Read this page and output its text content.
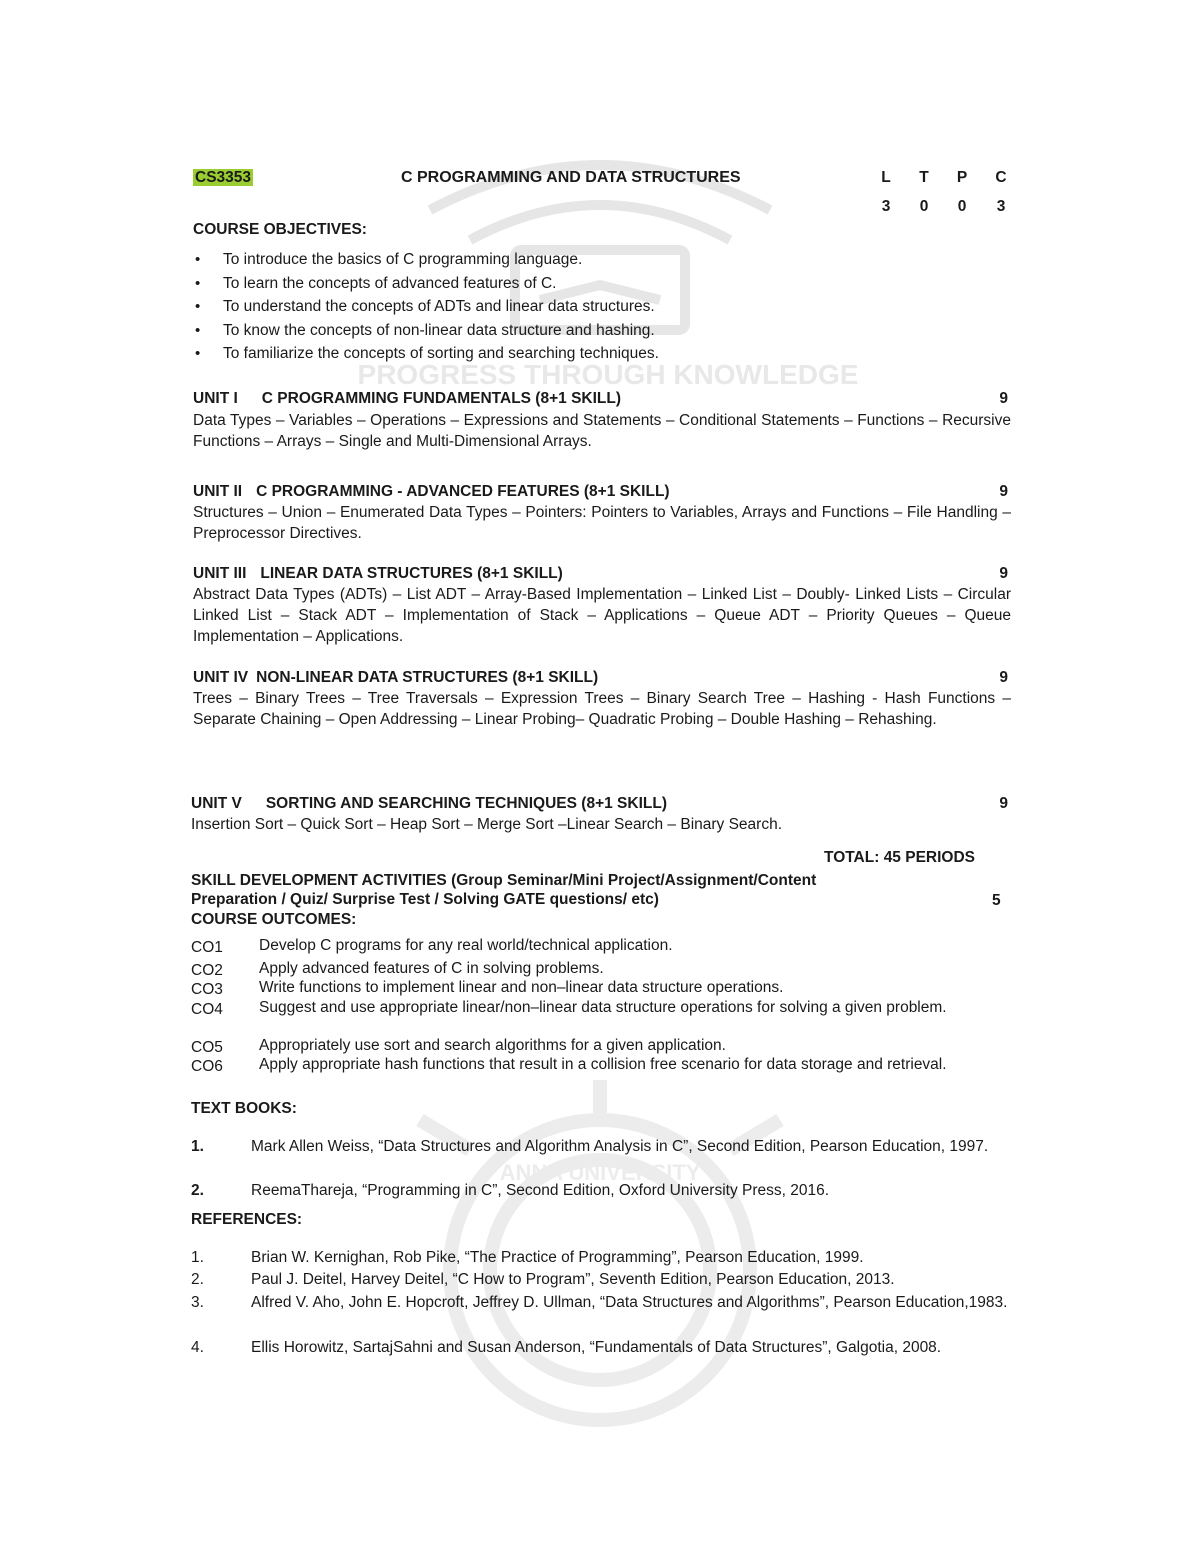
PROGRESS THROUGH KNOWLEDGE
ANNA UNIVERSITY
CS3353	C PROGRAMMING AND DATA STRUCTURES	L	T	P	C
3	0	0	3
COURSE OBJECTIVES:
• To introduce the basics of C programming language.
• To learn the concepts of advanced features of C.
• To understand the concepts of ADTs and linear data structures.
• To know the concepts of non-linear data structure and hashing.
• To familiarize the concepts of sorting and searching techniques.
UNIT I C PROGRAMMING FUNDAMENTALS (8+1 SKILL)	9
Data Types – Variables – Operations – Expressions and Statements – Conditional Statements – Functions – Recursive Functions – Arrays – Single and Multi-Dimensional Arrays.
UNIT II C PROGRAMMING - ADVANCED FEATURES (8+1 SKILL)	9
Structures – Union – Enumerated Data Types – Pointers: Pointers to Variables, Arrays and Functions – File Handling – Preprocessor Directives.
UNIT III LINEAR DATA STRUCTURES (8+1 SKILL)	9
Abstract Data Types (ADTs) – List ADT – Array-Based Implementation – Linked List – Doubly- Linked Lists – Circular Linked List – Stack ADT – Implementation of Stack – Applications – Queue ADT – Priority Queues – Queue Implementation – Applications.
UNIT IV NON-LINEAR DATA STRUCTURES (8+1 SKILL)	9
Trees – Binary Trees – Tree Traversals – Expression Trees – Binary Search Tree – Hashing - Hash Functions – Separate Chaining – Open Addressing – Linear Probing– Quadratic Probing – Double Hashing – Rehashing.
UNIT V SORTING AND SEARCHING TECHNIQUES (8+1 SKILL)	9
Insertion Sort – Quick Sort – Heap Sort – Merge Sort –Linear Search – Binary Search.
TOTAL: 45 PERIODS
SKILL DEVELOPMENT ACTIVITIES (Group Seminar/Mini Project/Assignment/Content
Preparation / Quiz/ Surprise Test / Solving GATE questions/ etc)	5
COURSE OUTCOMES:
CO1	Develop C programs for any real world/technical application.
CO2	Apply advanced features of C in solving problems.
CO3	Write functions to implement linear and non–linear data structure operations.
CO4	Suggest and use appropriate linear/non–linear data structure operations for solving a given problem.
CO5	Appropriately use sort and search algorithms for a given application.
CO6	Apply appropriate hash functions that result in a collision free scenario for data storage and retrieval.
TEXT BOOKS:
1.	Mark Allen Weiss, “Data Structures and Algorithm Analysis in C”, Second Edition, Pearson Education, 1997.
2.	ReemaThareja, “Programming in C”, Second Edition, Oxford University Press, 2016.
REFERENCES:
1.	Brian W. Kernighan, Rob Pike, “The Practice of Programming”, Pearson Education, 1999.
2.	Paul J. Deitel, Harvey Deitel, “C How to Program”, Seventh Edition, Pearson Education, 2013.
3.	Alfred V. Aho, John E. Hopcroft, Jeffrey D. Ullman, “Data Structures and Algorithms”, Pearson Education,1983.
4.	Ellis Horowitz, SartajSahni and Susan Anderson, “Fundamentals of Data Structures”, Galgotia, 2008.
